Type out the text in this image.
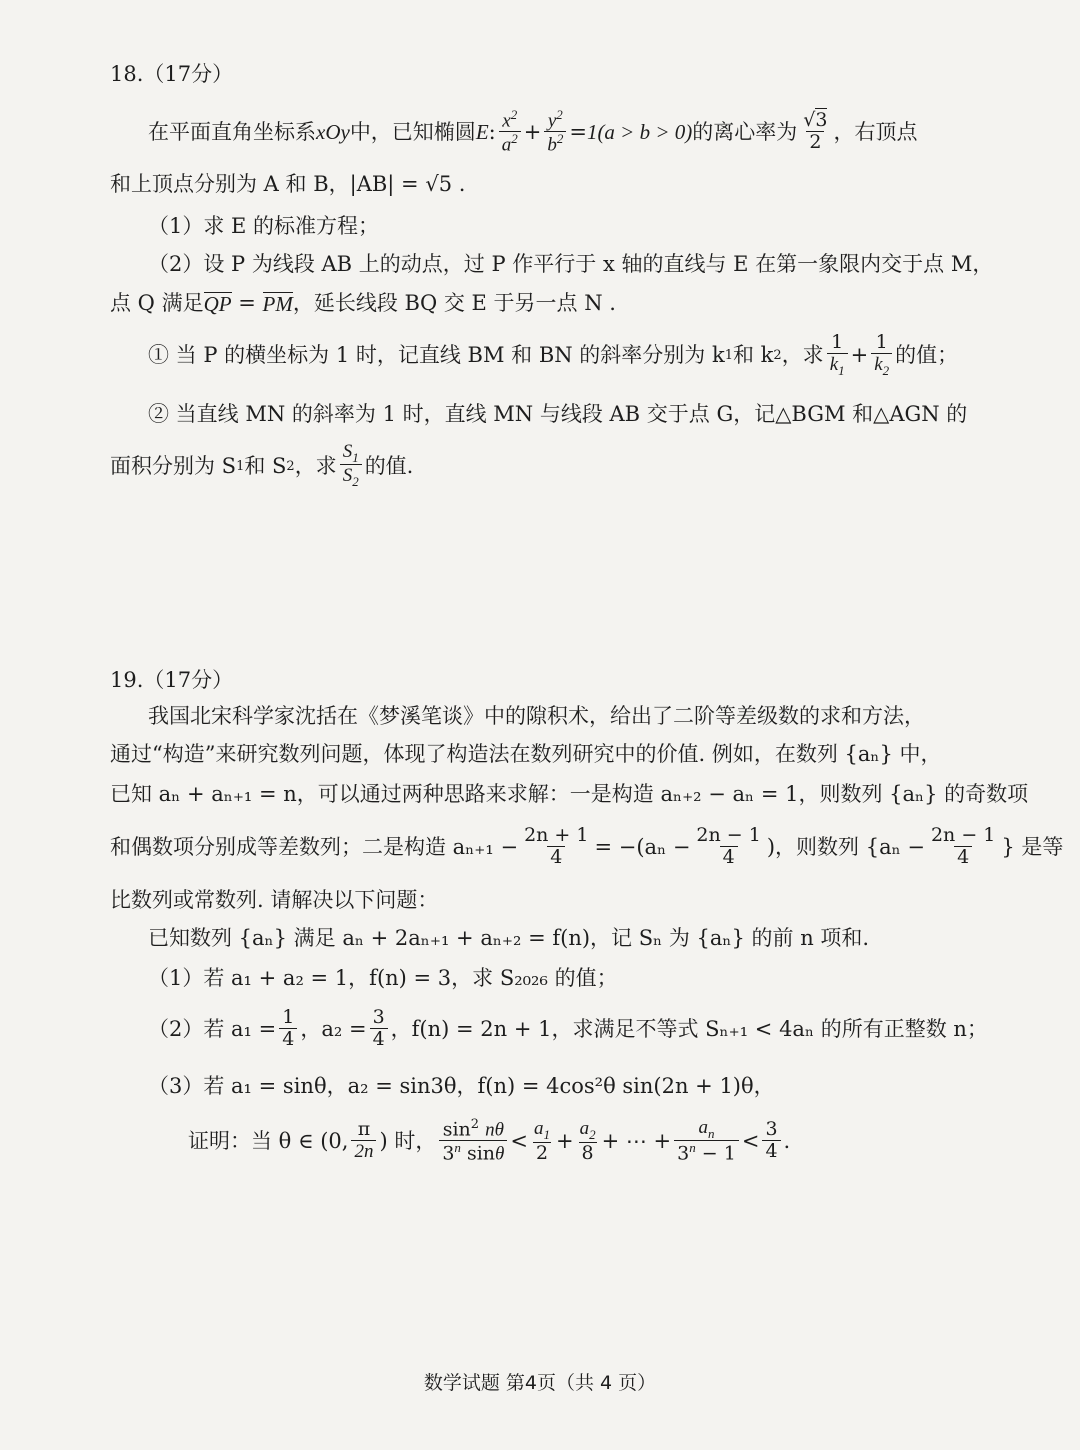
18.（17分）
在平面直角坐标系 xOy 中，已知椭圆 E : $\frac{x^2}{a^2} + \frac{y^2}{b^2} = 1(a > b > 0)$ 的离心率为 $\frac{√3}{2}$ ，右顶点
和上顶点分别为 A 和 B，|AB| = √5 .
（1）求 E 的标准方程；
（2）设 P 为线段 AB 上的动点，过 P 作平行于 x 轴的直线与 E 在第一象限内交于点 M，
点 Q 满足 QP = PM ，延长线段 BQ 交 E 于另一点 N .
① 当 P 的横坐标为 1 时，记直线 BM 和 BN 的斜率分别为 k 1 和 k 2 ，求 $\frac{1}{k_1} + \frac{1}{k_2}$ 的值；
② 当直线 MN 的斜率为 1 时，直线 MN 与线段 AB 交于点 G，记△BGM 和△AGN 的
面积分别为 S 1 和 S 2 ，求 $\frac{S_1}{S_2}$ 的值.
19.（17分）
我国北宋科学家沈括在《梦溪笔谈》中的隙积术，给出了二阶等差级数的求和方法，
通过“构造”来研究数列问题，体现了构造法在数列研究中的价值. 例如，在数列 {aₙ} 中，
已知 aₙ + aₙ₊₁ = n，可以通过两种思路来求解：一是构造 aₙ₊₂ − aₙ = 1，则数列 {aₙ} 的奇数项
和偶数项分别成等差数列；二是构造 $a_{n+1} - \frac{2n + 1}{4} = -(a_n - \frac{2n - 1}{4}$ )，则数列 {$a_n - \frac{2n - 1}{4}$ } 是等
比数列或常数列. 请解决以下问题：
已知数列 {aₙ} 满足 aₙ + 2aₙ₊₁ + aₙ₊₂ = f(n)，记 Sₙ 为 {aₙ} 的前 n 项和.
（1）若 a₁ + a₂ = 1，f(n) = 3，求 S₂₀₂₆ 的值；
（2）若 $a_1 = \frac{1}{4}$ ，$a_2 = \frac{3}{4}$ ，f(n) = 2n + 1，求满足不等式 Sₙ₊₁ < 4aₙ 的所有正整数 n；
（3）若 a₁ = sinθ，a₂ = sin3θ，f(n) = 4cos²θ sin(2n + 1)θ，
证明：当 θ ∈ (0, $\frac{\pi}{2n}$ ) 时， $\frac{\sin^2 n\theta}{3^n \sin\theta} < \frac{a_1}{2} + \frac{a_2}{8}$ + ⋯ + $\frac{a_n}{3^n - 1} < \frac{3}{4}$ .
数学试题 第4页（共 4 页）
